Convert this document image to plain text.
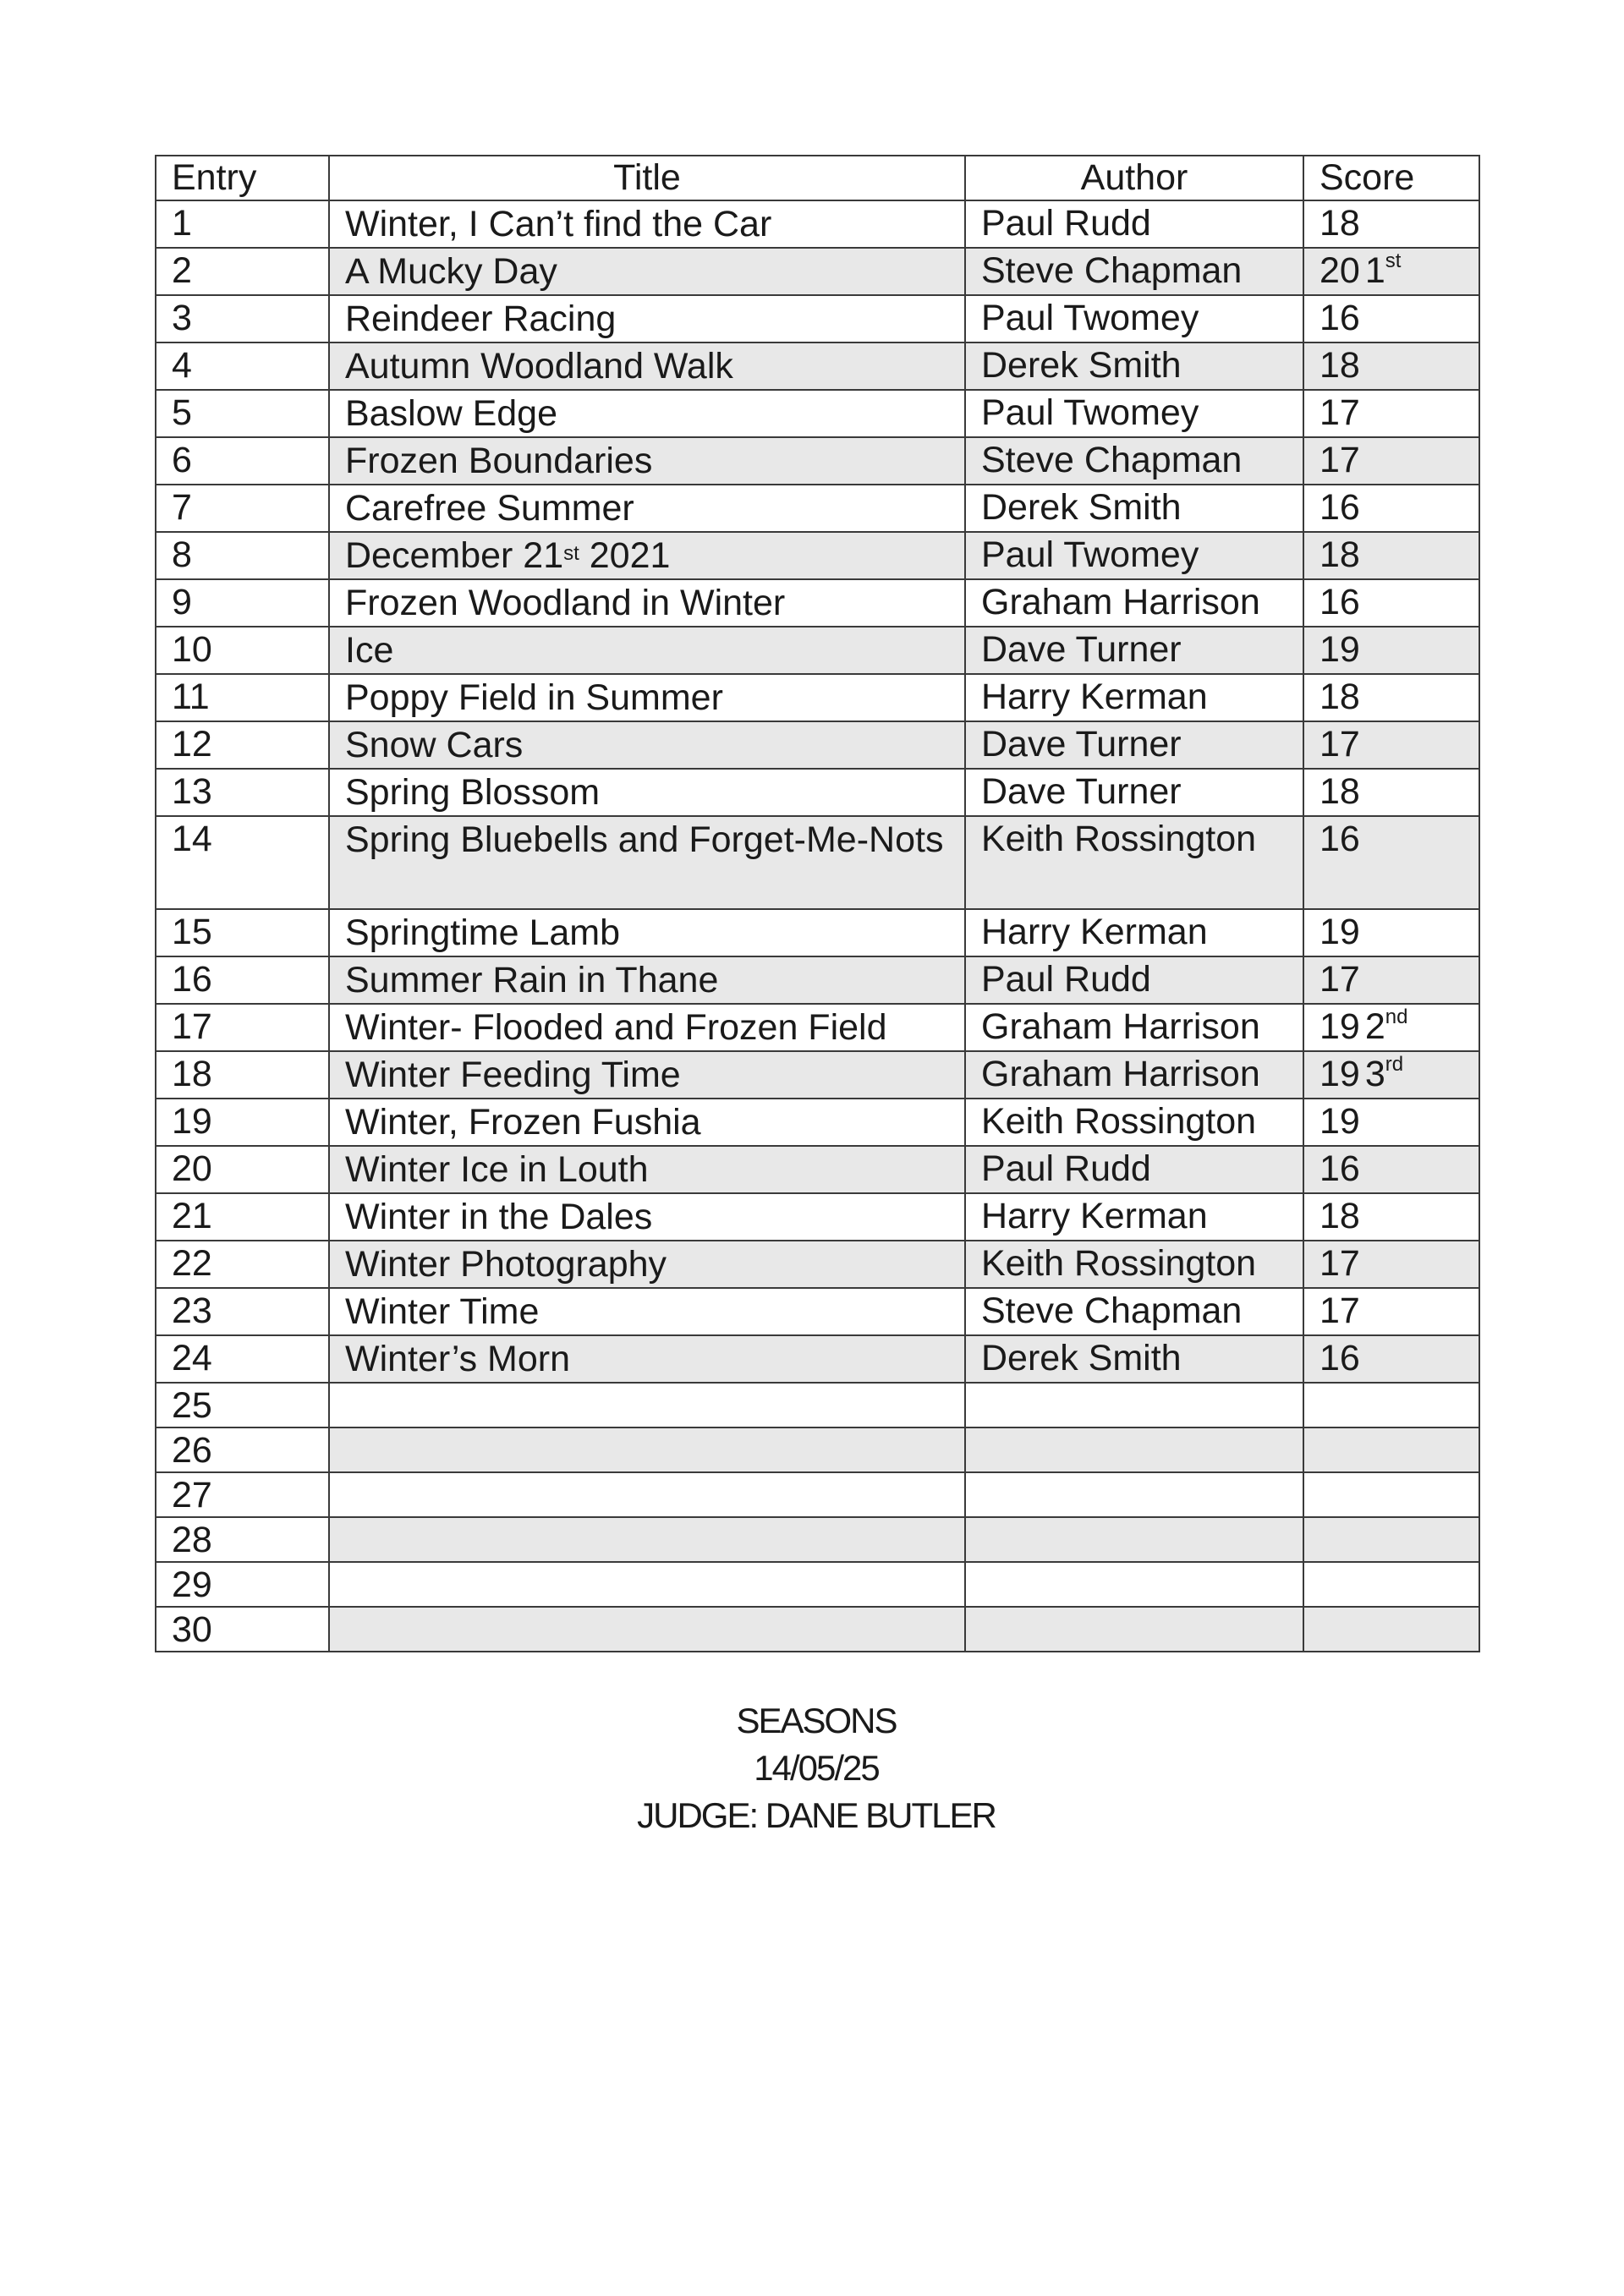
Entry	Title	Author	Score
1	Winter, I Can’t find the Car	Paul Rudd	18
2	A Mucky Day	Steve Chapman	20 1st
3	Reindeer Racing	Paul Twomey	16
4	Autumn Woodland Walk	Derek Smith	18
5	Baslow Edge	Paul Twomey	17
6	Frozen Boundaries	Steve Chapman	17
7	Carefree Summer	Derek Smith	16
8	December 21st 2021	Paul Twomey	18
9	Frozen Woodland in Winter	Graham Harrison	16
10	Ice	Dave Turner	19
11	Poppy Field in Summer	Harry Kerman	18
12	Snow Cars	Dave Turner	17
13	Spring Blossom	Dave Turner	18
14	Spring Bluebells and Forget-Me-Nots	Keith Rossington	16
15	Springtime Lamb	Harry Kerman	19
16	Summer Rain in Thane	Paul Rudd	17
17	Winter- Flooded and Frozen Field	Graham Harrison	19 2nd
18	Winter Feeding Time	Graham Harrison	19 3rd
19	Winter, Frozen Fushia	Keith Rossington	19
20	Winter Ice in Louth	Paul Rudd	16
21	Winter in the Dales	Harry Kerman	18
22	Winter Photography	Keith Rossington	17
23	Winter Time	Steve Chapman	17
24	Winter’s Morn	Derek Smith	16
25			
26			
27			
28			
29			
30			
SEASONS
14/05/25
JUDGE: DANE BUTLER
